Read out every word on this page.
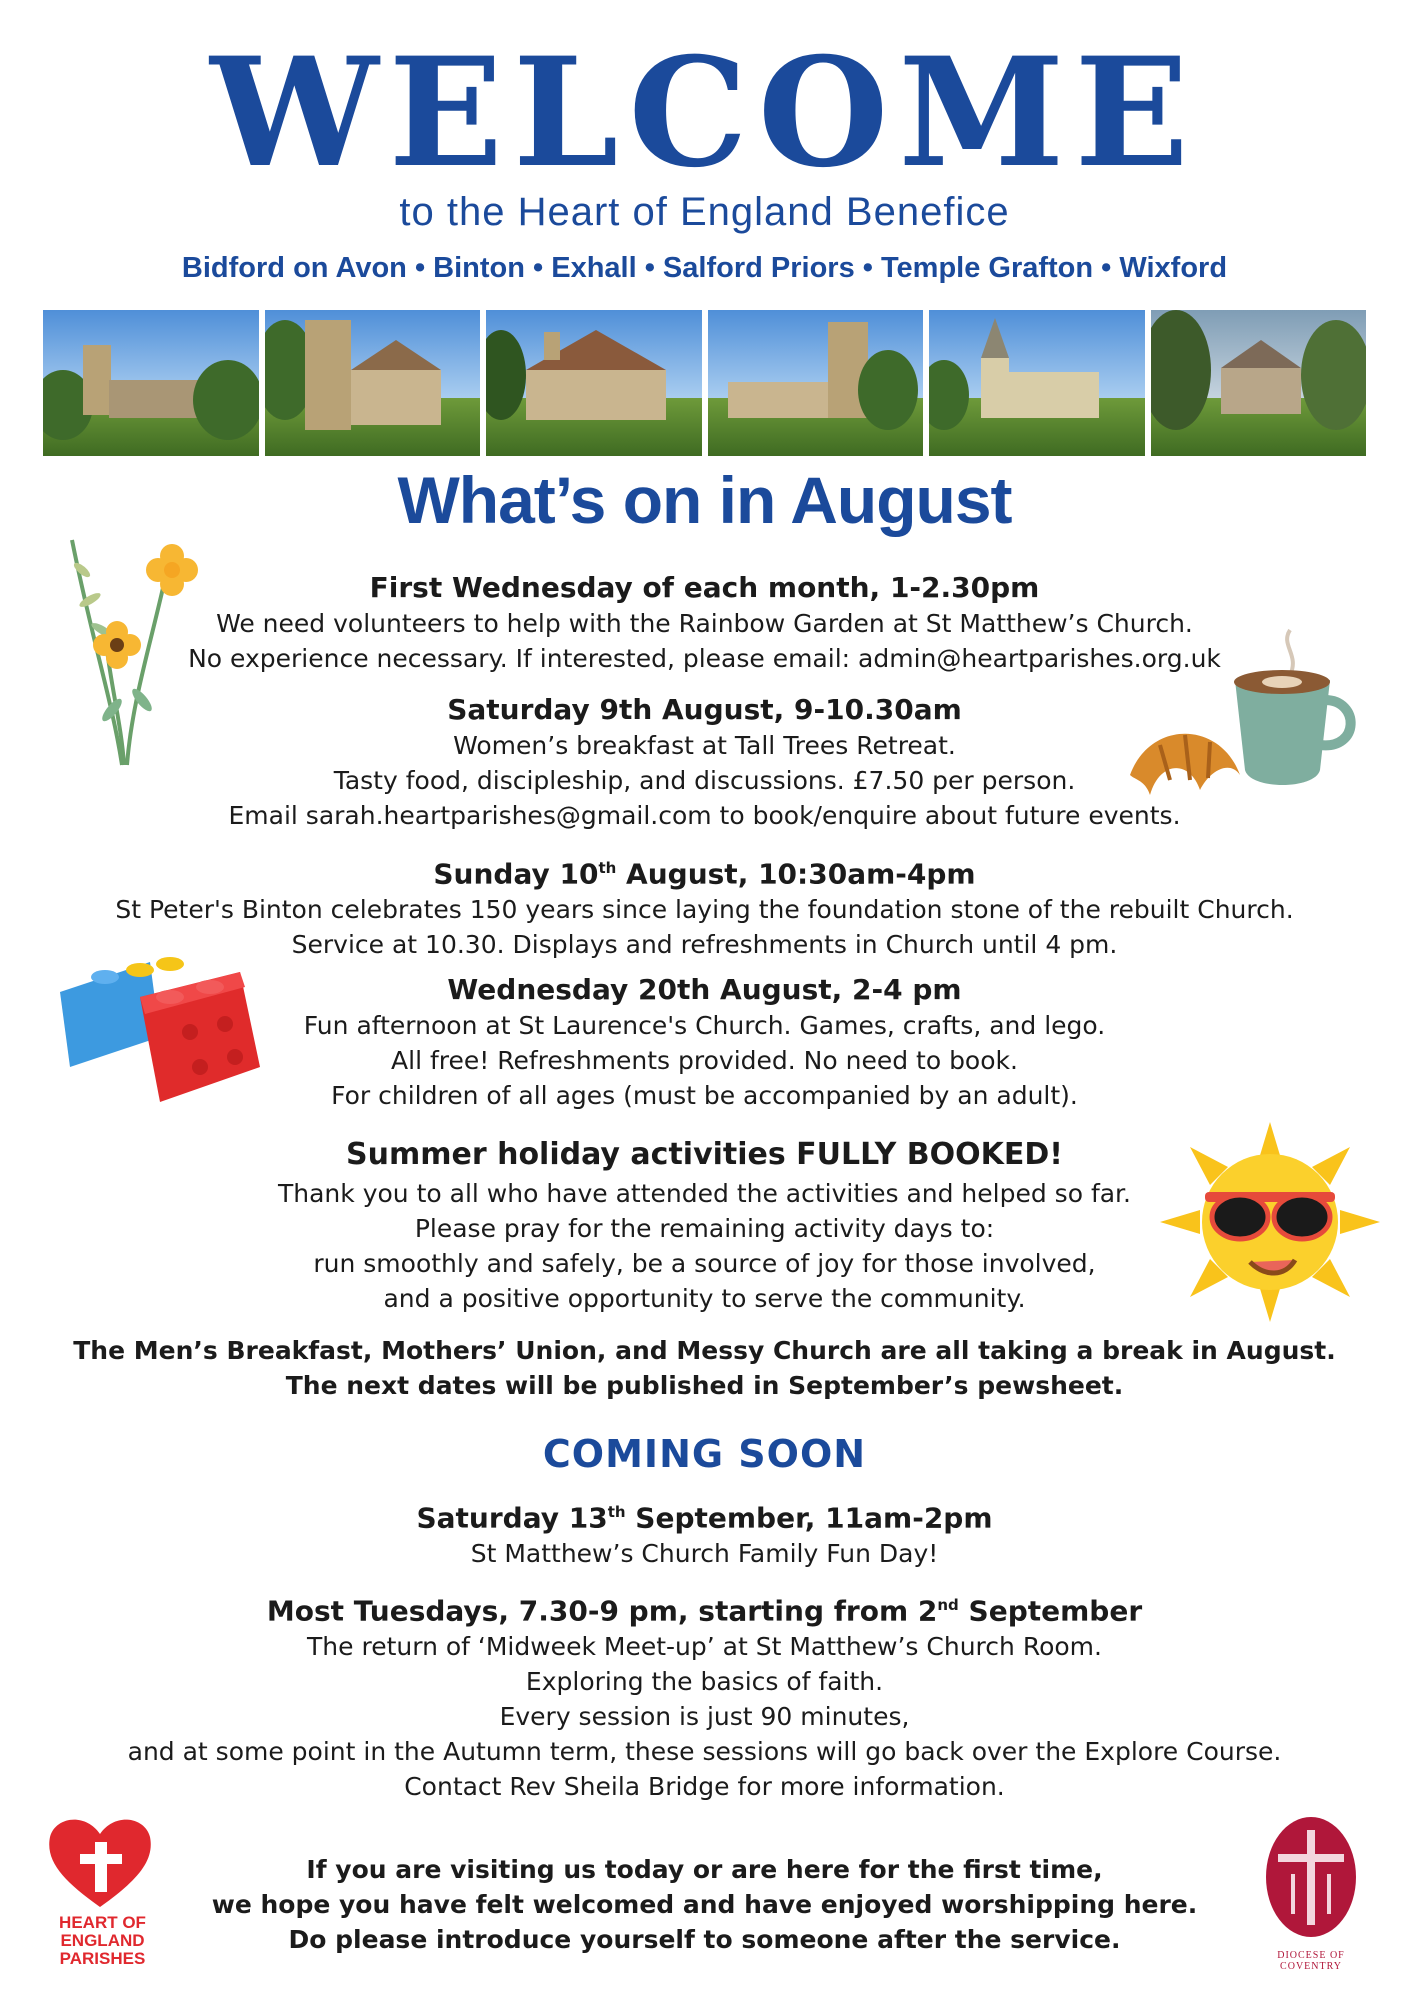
WELCOME
to the Heart of England Benefice
Bidford on Avon • Binton • Exhall • Salford Priors • Temple Grafton • Wixford
What’s on in August
First Wednesday of each month, 1-2.30pm
We need volunteers to help with the Rainbow Garden at St Matthew’s Church.
No experience necessary. If interested, please email: admin@heartparishes.org.uk
Saturday 9th August, 9-10.30am
Women’s breakfast at Tall Trees Retreat.
Tasty food, discipleship, and discussions. £7.50 per person.
Email sarah.heartparishes@gmail.com to book/enquire about future events.
Sunday 10th August, 10:30am-4pm
St Peter's Binton celebrates 150 years since laying the foundation stone of the rebuilt Church.
Service at 10.30. Displays and refreshments in Church until 4 pm.
Wednesday 20th August, 2-4 pm
Fun afternoon at St Laurence's Church. Games, crafts, and lego.
All free! Refreshments provided. No need to book.
For children of all ages (must be accompanied by an adult).
Summer holiday activities FULLY BOOKED!
Thank you to all who have attended the activities and helped so far.
Please pray for the remaining activity days to:
run smoothly and safely, be a source of joy for those involved,
and a positive opportunity to serve the community.
The Men’s Breakfast, Mothers’ Union, and Messy Church are all taking a break in August.
The next dates will be published in September’s pewsheet.
COMING SOON
Saturday 13th September, 11am-2pm
St Matthew’s Church Family Fun Day!
Most Tuesdays, 7.30-9 pm, starting from 2nd September
The return of ‘Midweek Meet-up’ at St Matthew’s Church Room.
Exploring the basics of faith.
Every session is just 90 minutes,
and at some point in the Autumn term, these sessions will go back over the Explore Course.
Contact Rev Sheila Bridge for more information.
If you are visiting us today or are here for the first time,
we hope you have felt welcomed and have enjoyed worshipping here.
Do please introduce yourself to someone after the service.
HEART OF ENGLAND PARISHES	DIOCESE OF COVENTRY
